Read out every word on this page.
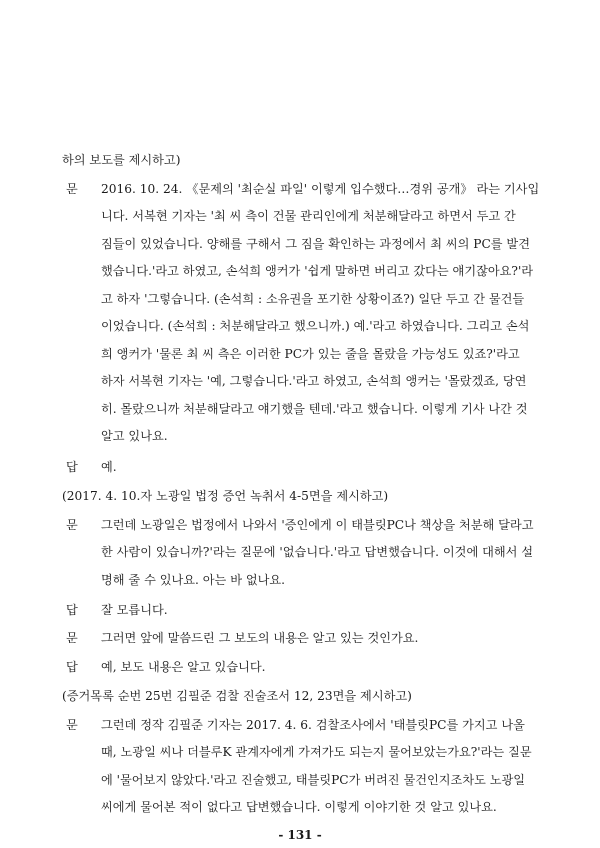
하의 보도를 제시하고)
문 2016. 10. 24. 《문제의 '최순실 파일' 이렇게 입수했다…경위 공개》 라는 기사입
니다. 서복현 기자는 '최 씨 측이 건물 관리인에게 처분해달라고 하면서 두고 간
짐들이 있었습니다. 양해를 구해서 그 짐을 확인하는 과정에서 최 씨의 PC를 발견
했습니다.'라고 하였고, 손석희 앵커가 '쉽게 말하면 버리고 갔다는 얘기잖아요?'라
고 하자 '그렇습니다. (손석희 : 소유권을 포기한 상황이죠?) 일단 두고 간 물건들
이었습니다. (손석희 : 처분해달라고 했으니까.) 예.'라고 하였습니다. 그리고 손석
희 앵커가 '물론 최 씨 측은 이러한 PC가 있는 줄을 몰랐을 가능성도 있죠?'라고
하자 서복현 기자는 '예, 그렇습니다.'라고 하였고, 손석희 앵커는 '몰랐겠죠, 당연
히. 몰랐으니까 처분해달라고 얘기했을 텐데.'라고 했습니다. 이렇게 기사 나간 것
알고 있나요.
답 예.
(2017. 4. 10.자 노광일 법정 증언 녹취서 4-5면을 제시하고)
문 그런데 노광일은 법정에서 나와서 '증인에게 이 태블릿PC나 책상을 처분해 달라고
한 사람이 있습니까?'라는 질문에 '없습니다.'라고 답변했습니다. 이것에 대해서 설
명해 줄 수 있나요. 아는 바 없나요.
답 잘 모릅니다.
문 그러면 앞에 말씀드린 그 보도의 내용은 알고 있는 것인가요.
답 예, 보도 내용은 알고 있습니다.
(증거목록 순번 25번 김필준 검찰 진술조서 12, 23면을 제시하고)
문 그런데 정작 김필준 기자는 2017. 4. 6. 검찰조사에서 '태블릿PC를 가지고 나올
때, 노광일 씨나 더블루K 관계자에게 가져가도 되는지 물어보았는가요?'라는 질문
에 '물어보지 않았다.'라고 진술했고, 태블릿PC가 버려진 물건인지조차도 노광일
씨에게 물어본 적이 없다고 답변했습니다. 이렇게 이야기한 것 알고 있나요.
- 131 -
